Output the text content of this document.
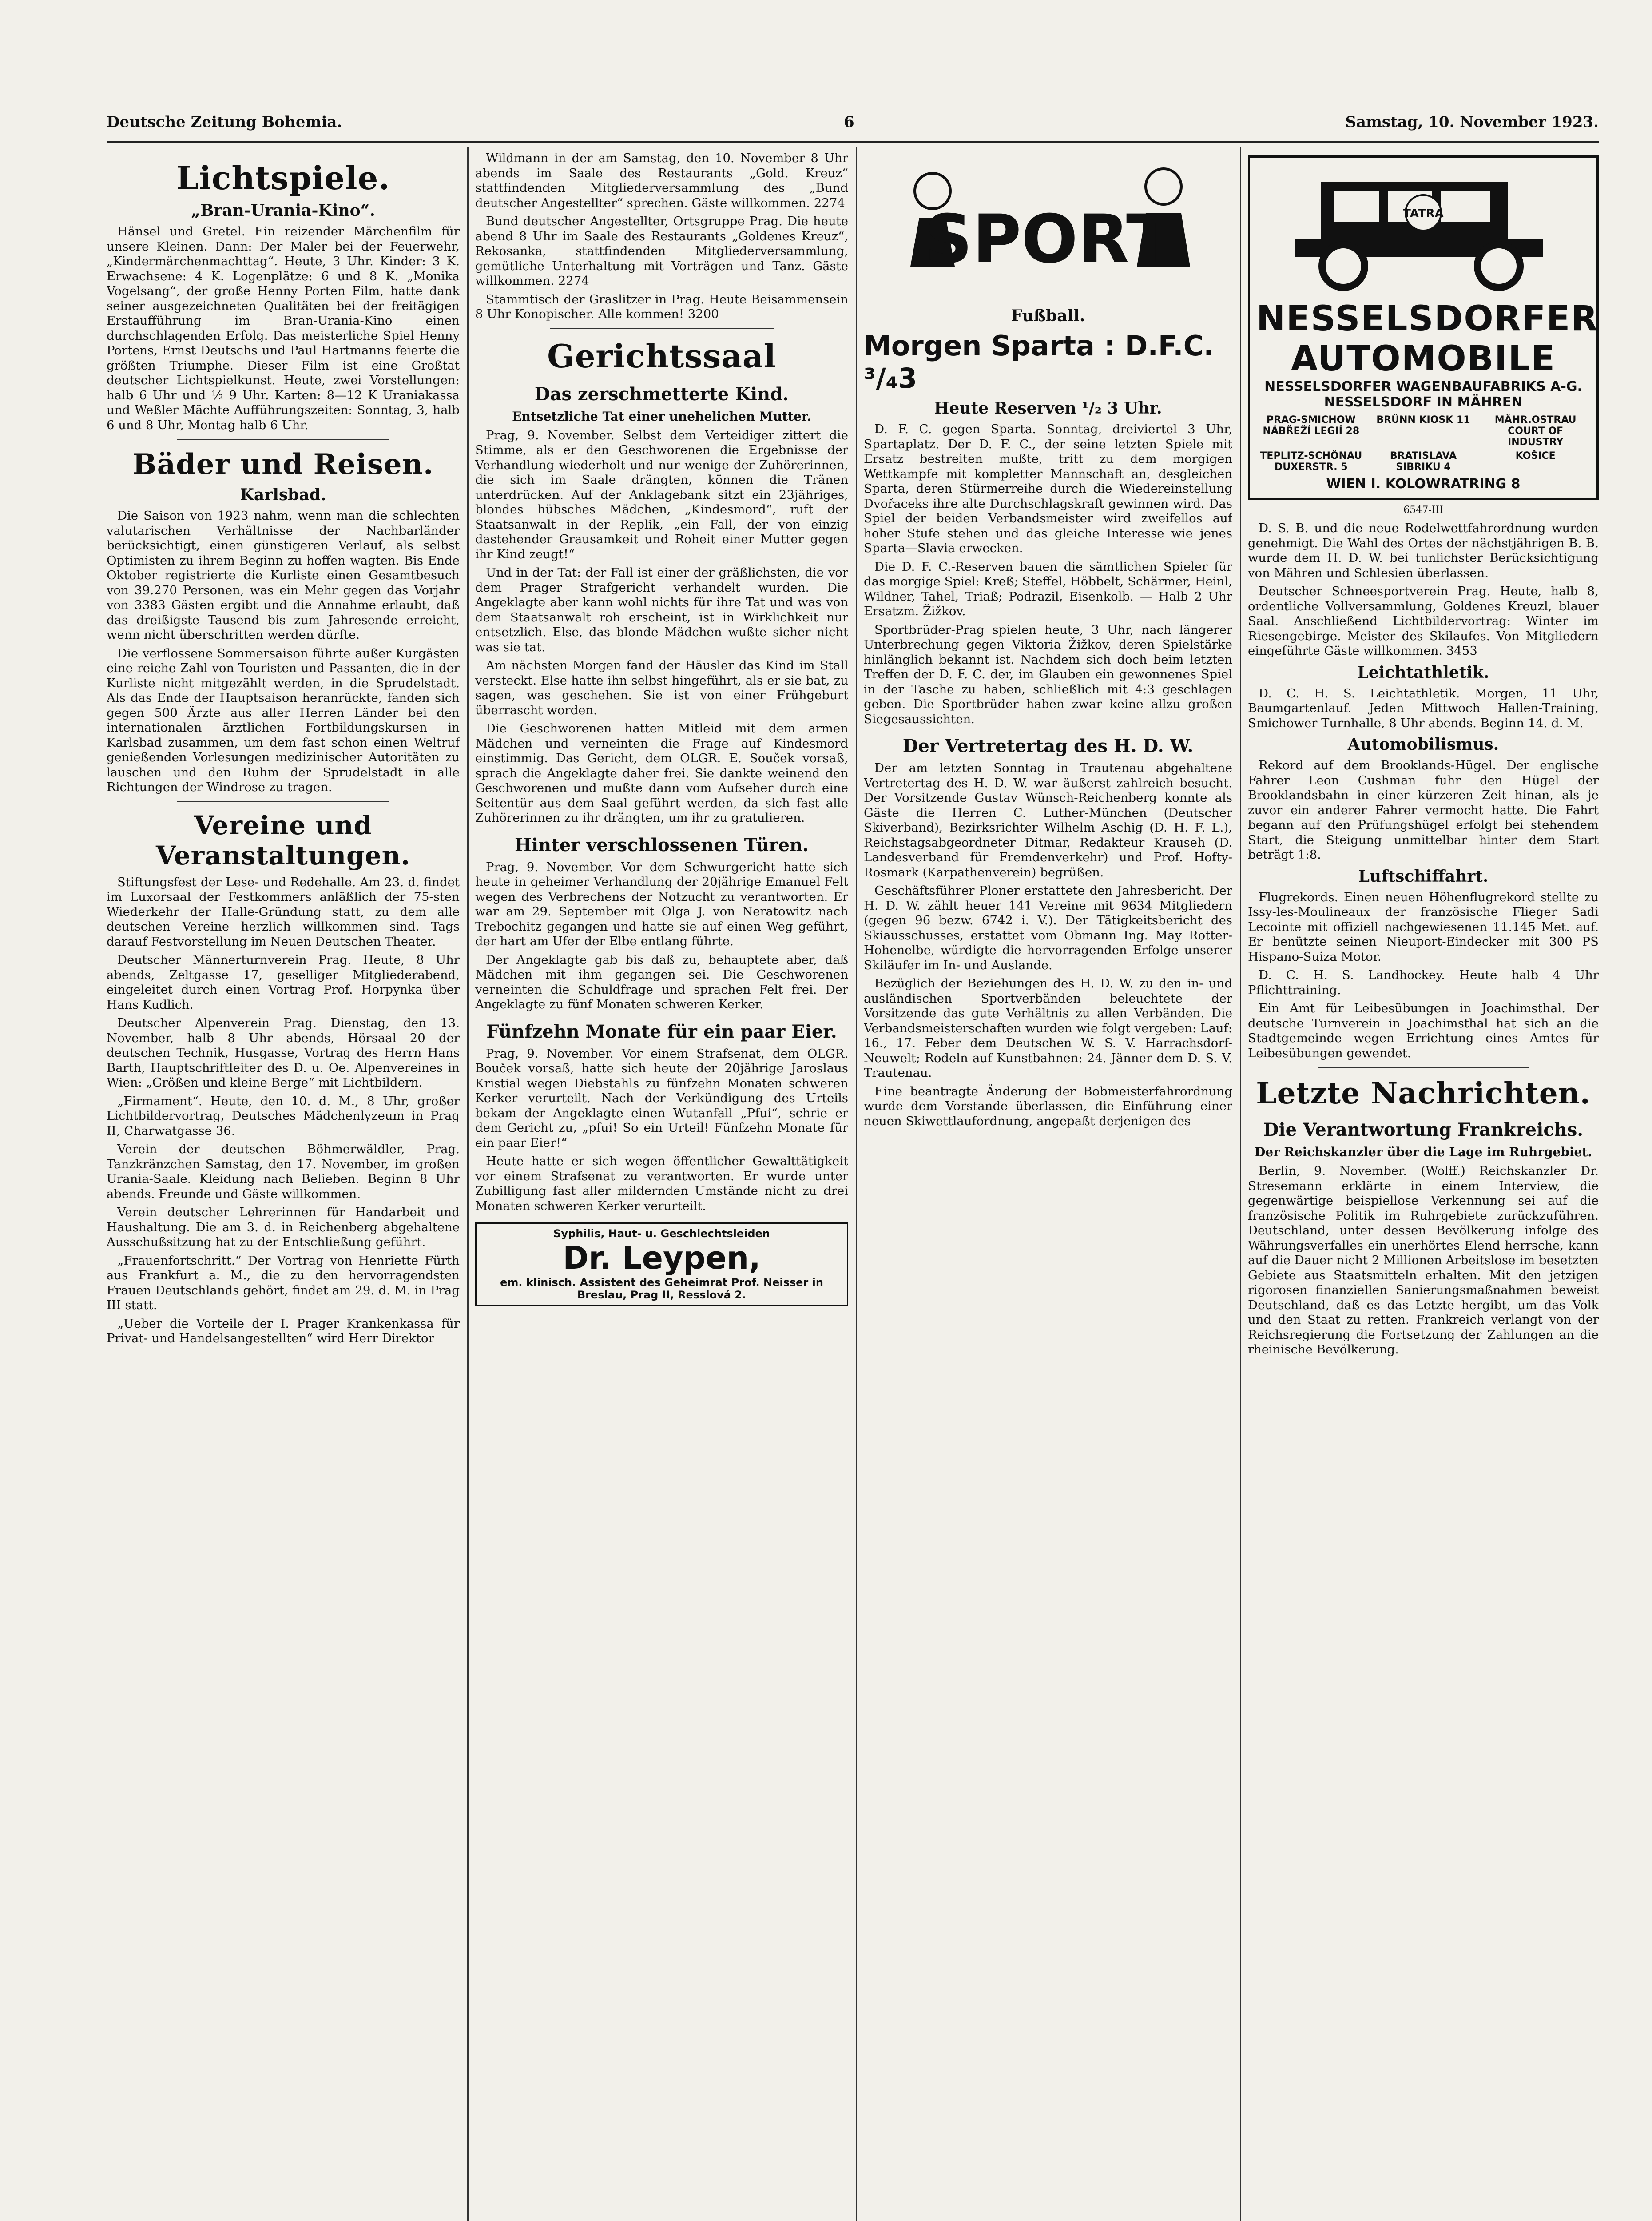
Deutsche Zeitung Bohemia.	6	Samstag, 10. November 1923.
Lichtspiele.
„Bran-Urania-Kino“.

Hänsel und Gretel. Ein reizender Märchenfilm für unsere Kleinen. Dann: Der Maler bei der Feuerwehr, „Kindermärchenmachttag“. Heute, 3 Uhr. Kinder: 3 K. Erwachsene: 4 K. Logenplätze: 6 und 8 K. „Monika Vogelsang“, der große Henny Porten Film, hatte dank seiner ausgezeichneten Qualitäten bei der freitägigen Erstaufführung im Bran-Urania-Kino einen durchschlagenden Erfolg. Das meisterliche Spiel Henny Portens, Ernst Deutschs und Paul Hartmanns feierte die größten Triumphe. Dieser Film ist eine Großtat deutscher Lichtspielkunst. Heute, zwei Vorstellungen: halb 6 Uhr und ½ 9 Uhr. Karten: 8—12 K Uraniakassa und Weßler Mächte Aufführungszeiten: Sonntag, 3, halb 6 und 8 Uhr, Montag halb 6 Uhr.

Bäder und Reisen.
Karlsbad.

Die Saison von 1923 nahm, wenn man die schlechten valutarischen Verhältnisse der Nachbarländer berücksichtigt, einen günstigeren Verlauf, als selbst Optimisten zu ihrem Beginn zu hoffen wagten. Bis Ende Oktober registrierte die Kurliste einen Gesamtbesuch von 39.270 Personen, was ein Mehr gegen das Vorjahr von 3383 Gästen ergibt und die Annahme erlaubt, daß das dreißigste Tausend bis zum Jahresende erreicht, wenn nicht überschritten werden dürfte.

Die verflossene Sommersaison führte außer Kurgästen eine reiche Zahl von Touristen und Passanten, die in der Kurliste nicht mitgezählt werden, in die Sprudelstadt. Als das Ende der Hauptsaison heranrückte, fanden sich gegen 500 Ärzte aus aller Herren Länder bei den internationalen ärztlichen Fortbildungskursen in Karlsbad zusammen, um dem fast schon einen Weltruf genießenden Vorlesungen medizinischer Autoritäten zu lauschen und den Ruhm der Sprudelstadt in alle Richtungen der Windrose zu tragen.

Vereine und Veranstaltungen.

Stiftungsfest der Lese- und Redehalle. Am 23. d. findet im Luxorsaal der Festkommers anläßlich der 75-sten Wiederkehr der Halle-Gründung statt, zu dem alle deutschen Vereine herzlich willkommen sind. Tags darauf Festvorstellung im Neuen Deutschen Theater.

Deutscher Männerturnverein Prag. Heute, 8 Uhr abends, Zeltgasse 17, geselliger Mitgliederabend, eingeleitet durch einen Vortrag Prof. Horpynka über Hans Kudlich.

Deutscher Alpenverein Prag. Dienstag, den 13. November, halb 8 Uhr abends, Hörsaal 20 der deutschen Technik, Husgasse, Vortrag des Herrn Hans Barth, Hauptschriftleiter des D. u. Oe. Alpenvereines in Wien: „Größen und kleine Berge“ mit Lichtbildern.

„Firmament“. Heute, den 10. d. M., 8 Uhr, großer Lichtbildervortrag, Deutsches Mädchenlyzeum in Prag II, Charwatgasse 36.

Verein der deutschen Böhmerwäldler, Prag. Tanzkränzchen Samstag, den 17. November, im großen Urania-Saale. Kleidung nach Belieben. Beginn 8 Uhr abends. Freunde und Gäste willkommen.

Verein deutscher Lehrerinnen für Handarbeit und Haushaltung. Die am 3. d. in Reichenberg abgehaltene Ausschußsitzung hat zu der Entschließung geführt.

„Frauenfortschritt.“ Der Vortrag von Henriette Fürth aus Frankfurt a. M., die zu den hervorragendsten Frauen Deutschlands gehört, findet am 29. d. M. in Prag III statt.

„Ueber die Vorteile der I. Prager Krankenkassa für Privat- und Handelsangestellten“ wird Herr Direktor

Wildmann in der am Samstag, den 10. November 8 Uhr abends im Saale des Restaurants „Gold. Kreuz“ stattfindenden Mitgliederversammlung des „Bund deutscher Angestellter“ sprechen. Gäste willkommen. 2274

Bund deutscher Angestellter, Ortsgruppe Prag. Die heute abend 8 Uhr im Saale des Restaurants „Goldenes Kreuz“, Rekosanka, stattfindenden Mitgliederversammlung, gemütliche Unterhaltung mit Vorträgen und Tanz. Gäste willkommen. 2274

Stammtisch der Graslitzer in Prag. Heute Beisammensein 8 Uhr Konopischer. Alle kommen! 3200

Gerichtssaal
Das zerschmetterte Kind.
Entsetzliche Tat einer unehelichen Mutter.

Prag, 9. November. Selbst dem Verteidiger zittert die Stimme, als er den Geschworenen die Ergebnisse der Verhandlung wiederholt und nur wenige der Zuhörerinnen, die sich im Saale drängten, können die Tränen unterdrücken. Auf der Anklagebank sitzt ein 23jähriges, blondes hübsches Mädchen, „Kindesmord“, ruft der Staatsanwalt in der Replik, „ein Fall, der von einzig dastehender Grausamkeit und Roheit einer Mutter gegen ihr Kind zeugt!“

Und in der Tat: der Fall ist einer der gräßlichsten, die vor dem Prager Strafgericht verhandelt wurden. Die Angeklagte aber kann wohl nichts für ihre Tat und was von dem Staatsanwalt roh erscheint, ist in Wirklichkeit nur entsetzlich. Else, das blonde Mädchen wußte sicher nicht was sie tat.

Am nächsten Morgen fand der Häusler das Kind im Stall versteckt. Else hatte ihn selbst hingeführt, als er sie bat, zu sagen, was geschehen. Sie ist von einer Frühgeburt überrascht worden.

Die Geschworenen hatten Mitleid mit dem armen Mädchen und verneinten die Frage auf Kindesmord einstimmig. Das Gericht, dem OLGR. E. Souček vorsaß, sprach die Angeklagte daher frei. Sie dankte weinend den Geschworenen und mußte dann vom Aufseher durch eine Seitentür aus dem Saal geführt werden, da sich fast alle Zuhörerinnen zu ihr drängten, um ihr zu gratulieren.

Hinter verschlossenen Türen.

Prag, 9. November. Vor dem Schwurgericht hatte sich heute in geheimer Verhandlung der 20jährige Emanuel Felt wegen des Verbrechens der Notzucht zu verantworten. Er war am 29. September mit Olga J. von Neratowitz nach Trebochitz gegangen und hatte sie auf einen Weg geführt, der hart am Ufer der Elbe entlang führte.

Der Angeklagte gab bis daß zu, behauptete aber, daß Mädchen mit ihm gegangen sei. Die Geschworenen verneinten die Schuldfrage und sprachen Felt frei. Der Angeklagte zu fünf Monaten schweren Kerker.

Fünfzehn Monate für ein paar Eier.

Prag, 9. November. Vor einem Strafsenat, dem OLGR. Bouček vorsaß, hatte sich heute der 20jährige Jaroslaus Kristial wegen Diebstahls zu fünfzehn Monaten schweren Kerker verurteilt. Nach der Verkündigung des Urteils bekam der Angeklagte einen Wutanfall „Pfui“, schrie er dem Gericht zu, „pfui! So ein Urteil! Fünfzehn Monate für ein paar Eier!“

Heute hatte er sich wegen öffentlicher Gewalttätigkeit vor einem Strafsenat zu verantworten. Er wurde unter Zubilligung fast aller mildernden Umstände nicht zu drei Monaten schweren Kerker verurteilt.

Syphilis, Haut- u. Geschlechtsleiden
Dr. Leypen,
em. klinisch. Assistent des Geheimrat Prof. Neisser in Breslau, Prag II, Resslová 2.
SPORT
Fußball.
Morgen Sparta : D.F.C. ³/₄3
Heute Reserven ¹/₂ 3 Uhr.

D. F. C. gegen Sparta. Sonntag, dreiviertel 3 Uhr, Spartaplatz. Der D. F. C., der seine letzten Spiele mit Ersatz bestreiten mußte, tritt zu dem morgigen Wettkampfe mit kompletter Mannschaft an, desgleichen Sparta, deren Stürmerreihe durch die Wiedereinstellung Dvořaceks ihre alte Durchschlagskraft gewinnen wird. Das Spiel der beiden Verbandsmeister wird zweifellos auf hoher Stufe stehen und das gleiche Interesse wie jenes Sparta—Slavia erwecken.

Die D. F. C.-Reserven bauen die sämtlichen Spieler für das morgige Spiel: Kreß; Steffel, Höbbelt, Schärmer, Heinl, Wildner, Tahel, Triaß; Podrazil, Eisenkolb. — Halb 2 Uhr Ersatzm. Žižkov.

Sportbrüder-Prag spielen heute, 3 Uhr, nach längerer Unterbrechung gegen Viktoria Žižkov, deren Spielstärke hinlänglich bekannt ist. Nachdem sich doch beim letzten Treffen der D. F. C. der, im Glauben ein gewonnenes Spiel in der Tasche zu haben, schließlich mit 4:3 geschlagen geben. Die Sportbrüder haben zwar keine allzu großen Siegesaussichten.

Der Vertretertag des H. D. W.

Der am letzten Sonntag in Trautenau abgehaltene Vertretertag des H. D. W. war äußerst zahlreich besucht. Der Vorsitzende Gustav Wünsch-Reichenberg konnte als Gäste die Herren C. Luther-München (Deutscher Skiverband), Bezirksrichter Wilhelm Aschig (D. H. F. L.), Reichstagsabgeordneter Ditmar, Redakteur Krauseh (D. Landesverband für Fremdenverkehr) und Prof. Hofty-Rosmark (Karpathenverein) begrüßen.

Geschäftsführer Ploner erstattete den Jahresbericht. Der H. D. W. zählt heuer 141 Vereine mit 9634 Mitgliedern (gegen 96 bezw. 6742 i. V.). Der Tätigkeitsbericht des Skiausschusses, erstattet vom Obmann Ing. May Rotter-Hohenelbe, würdigte die hervorragenden Erfolge unserer Skiläufer im In- und Auslande.

Bezüglich der Beziehungen des H. D. W. zu den in- und ausländischen Sportverbänden beleuchtete der Vorsitzende das gute Verhältnis zu allen Verbänden. Die Verbandsmeisterschaften wurden wie folgt vergeben: Lauf: 16., 17. Feber dem Deutschen W. S. V. Harrachsdorf-Neuwelt; Rodeln auf Kunstbahnen: 24. Jänner dem D. S. V. Trautenau.

Eine beantragte Änderung der Bobmeisterfahrordnung wurde dem Vorstande überlassen, die Einführung einer neuen Skiwettlaufordnung, angepaßt derjenigen des

TATRA
NESSELSDORFER AUTOMOBILE
NESSELSDORFER WAGENBAUFABRIKS A-G.
NESSELSDORF IN MÄHREN
PRAG-SMICHOW NÁBŘEŽÍ LEGIÍ 28
BRÜNN KIOSK 11	MÄHR.OSTRAU COURT OF INDUSTRY
TEPLITZ-SCHÖNAU DUXERSTR. 5
BRATISLAVA SIBRIKU 4
KOŠICE
WIEN I. KOLOWRATRING 8
6547-III

D. S. B. und die neue Rodelwettfahrordnung wurden genehmigt. Die Wahl des Ortes der nächstjährigen B. B. wurde dem H. D. W. bei tunlichster Berücksichtigung von Mähren und Schlesien überlassen.

Deutscher Schneesportverein Prag. Heute, halb 8, ordentliche Vollversammlung, Goldenes Kreuzl, blauer Saal. Anschließend Lichtbildervortrag: Winter im Riesengebirge. Meister des Skilaufes. Von Mitgliedern eingeführte Gäste willkommen. 3453

Leichtathletik.

D. C. H. S. Leichtathletik. Morgen, 11 Uhr, Baumgartenlauf. Jeden Mittwoch Hallen-Training, Smichower Turnhalle, 8 Uhr abends. Beginn 14. d. M.

Automobilismus.

Rekord auf dem Brooklands-Hügel. Der englische Fahrer Leon Cushman fuhr den Hügel der Brooklandsbahn in einer kürzeren Zeit hinan, als je zuvor ein anderer Fahrer vermocht hatte. Die Fahrt begann auf den Prüfungshügel erfolgt bei stehendem Start, die Steigung unmittelbar hinter dem Start beträgt 1:8.

Luftschiffahrt.

Flugrekords. Einen neuen Höhenflugrekord stellte zu Issy-les-Moulineaux der französische Flieger Sadi Lecointe mit offiziell nachgewiesenen 11.145 Met. auf. Er benützte seinen Nieuport-Eindecker mit 300 PS Hispano-Suiza Motor.

D. C. H. S. Landhockey. Heute halb 4 Uhr Pflichttraining.

Ein Amt für Leibesübungen in Joachimsthal. Der deutsche Turnverein in Joachimsthal hat sich an die Stadtgemeinde wegen Errichtung eines Amtes für Leibesübungen gewendet.

Letzte Nachrichten.
Die Verantwortung Frankreichs.
Der Reichskanzler über die Lage im Ruhrgebiet.

Berlin, 9. November. (Wolff.) Reichskanzler Dr. Stresemann erklärte in einem Interview, die gegenwärtige beispiellose Verkennung sei auf die französische Politik im Ruhrgebiete zurückzuführen. Deutschland, unter dessen Bevölkerung infolge des Währungsverfalles ein unerhörtes Elend herrsche, kann auf die Dauer nicht 2 Millionen Arbeitslose im besetzten Gebiete aus Staatsmitteln erhalten. Mit den jetzigen rigorosen finanziellen Sanierungsmaßnahmen beweist Deutschland, daß es das Letzte hergibt, um das Volk und den Staat zu retten. Frankreich verlangt von der Reichsregierung die Fortsetzung der Zahlungen an die rheinische Bevölkerung.
